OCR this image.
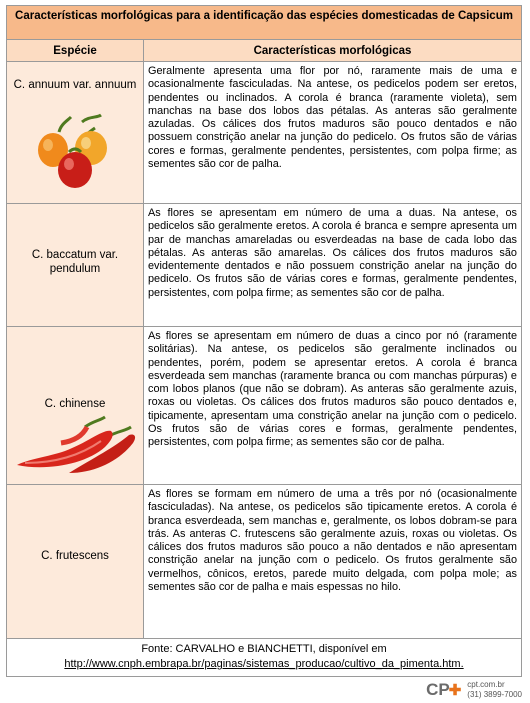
Características morfológicas para a identificação das espécies domesticadas de Capsicum
Espécie	Características morfológicas
C. annuum var. annuum
Geralmente apresenta uma flor por nó, raramente mais de uma e ocasionalmente fasciculadas. Na antese, os pedicelos podem ser eretos, pendentes ou inclinados. A corola é branca (raramente violeta), sem manchas na base dos lobos das pétalas. As anteras são geralmente azuladas. Os cálices dos frutos maduros são pouco dentados e não possuem constrição anelar na junção do pedicelo. Os frutos são de várias cores e formas, geralmente pendentes, persistentes, com polpa firme; as sementes são cor de palha.
C. baccatum var. pendulum
As flores se apresentam em número de uma a duas. Na antese, os pedicelos são geralmente eretos. A corola é branca e sempre apresenta um par de manchas amareladas ou esverdeadas na base de cada lobo das pétalas. As anteras são amarelas. Os cálices dos frutos maduros são evidentemente dentados e não possuem constrição anelar na junção do pedicelo. Os frutos são de várias cores e formas, geralmente pendentes, persistentes, com polpa firme; as sementes são cor de palha.
C. chinense
As flores se apresentam em número de duas a cinco por nó (raramente solitárias). Na antese, os pedicelos são geralmente inclinados ou pendentes, porém, podem se apresentar eretos. A corola é branca esverdeada sem manchas (raramente branca ou com manchas púrpuras) e com lobos planos (que não se dobram). As anteras são geralmente azuis, roxas ou violetas. Os cálices dos frutos maduros são pouco dentados e, tipicamente, apresentam uma constrição anelar na junção com o pedicelo. Os frutos são de várias cores e formas, geralmente pendentes, persistentes, com polpa firme; as sementes são cor de palha.
C. frutescens
As flores se formam em número de uma a três por nó (ocasionalmente fasciculadas). Na antese, os pedicelos são tipicamente eretos. A corola é branca esverdeada, sem manchas e, geralmente, os lobos dobram-se para trás. As anteras C. frutescens são geralmente azuis, roxas ou violetas. Os cálices dos frutos maduros são pouco a não dentados e não apresentam constrição anelar na junção com o pedicelo. Os frutos geralmente são vermelhos, cônicos, eretos, parede muito delgada, com polpa mole; as sementes são cor de palha e mais espessas no hilo.
Fonte: CARVALHO e BIANCHETTI, disponível em
http://www.cnph.embrapa.br/paginas/sistemas_producao/cultivo_da_pimenta.htm.
CP ✚ cpt.com.br
(31) 3899-7000
